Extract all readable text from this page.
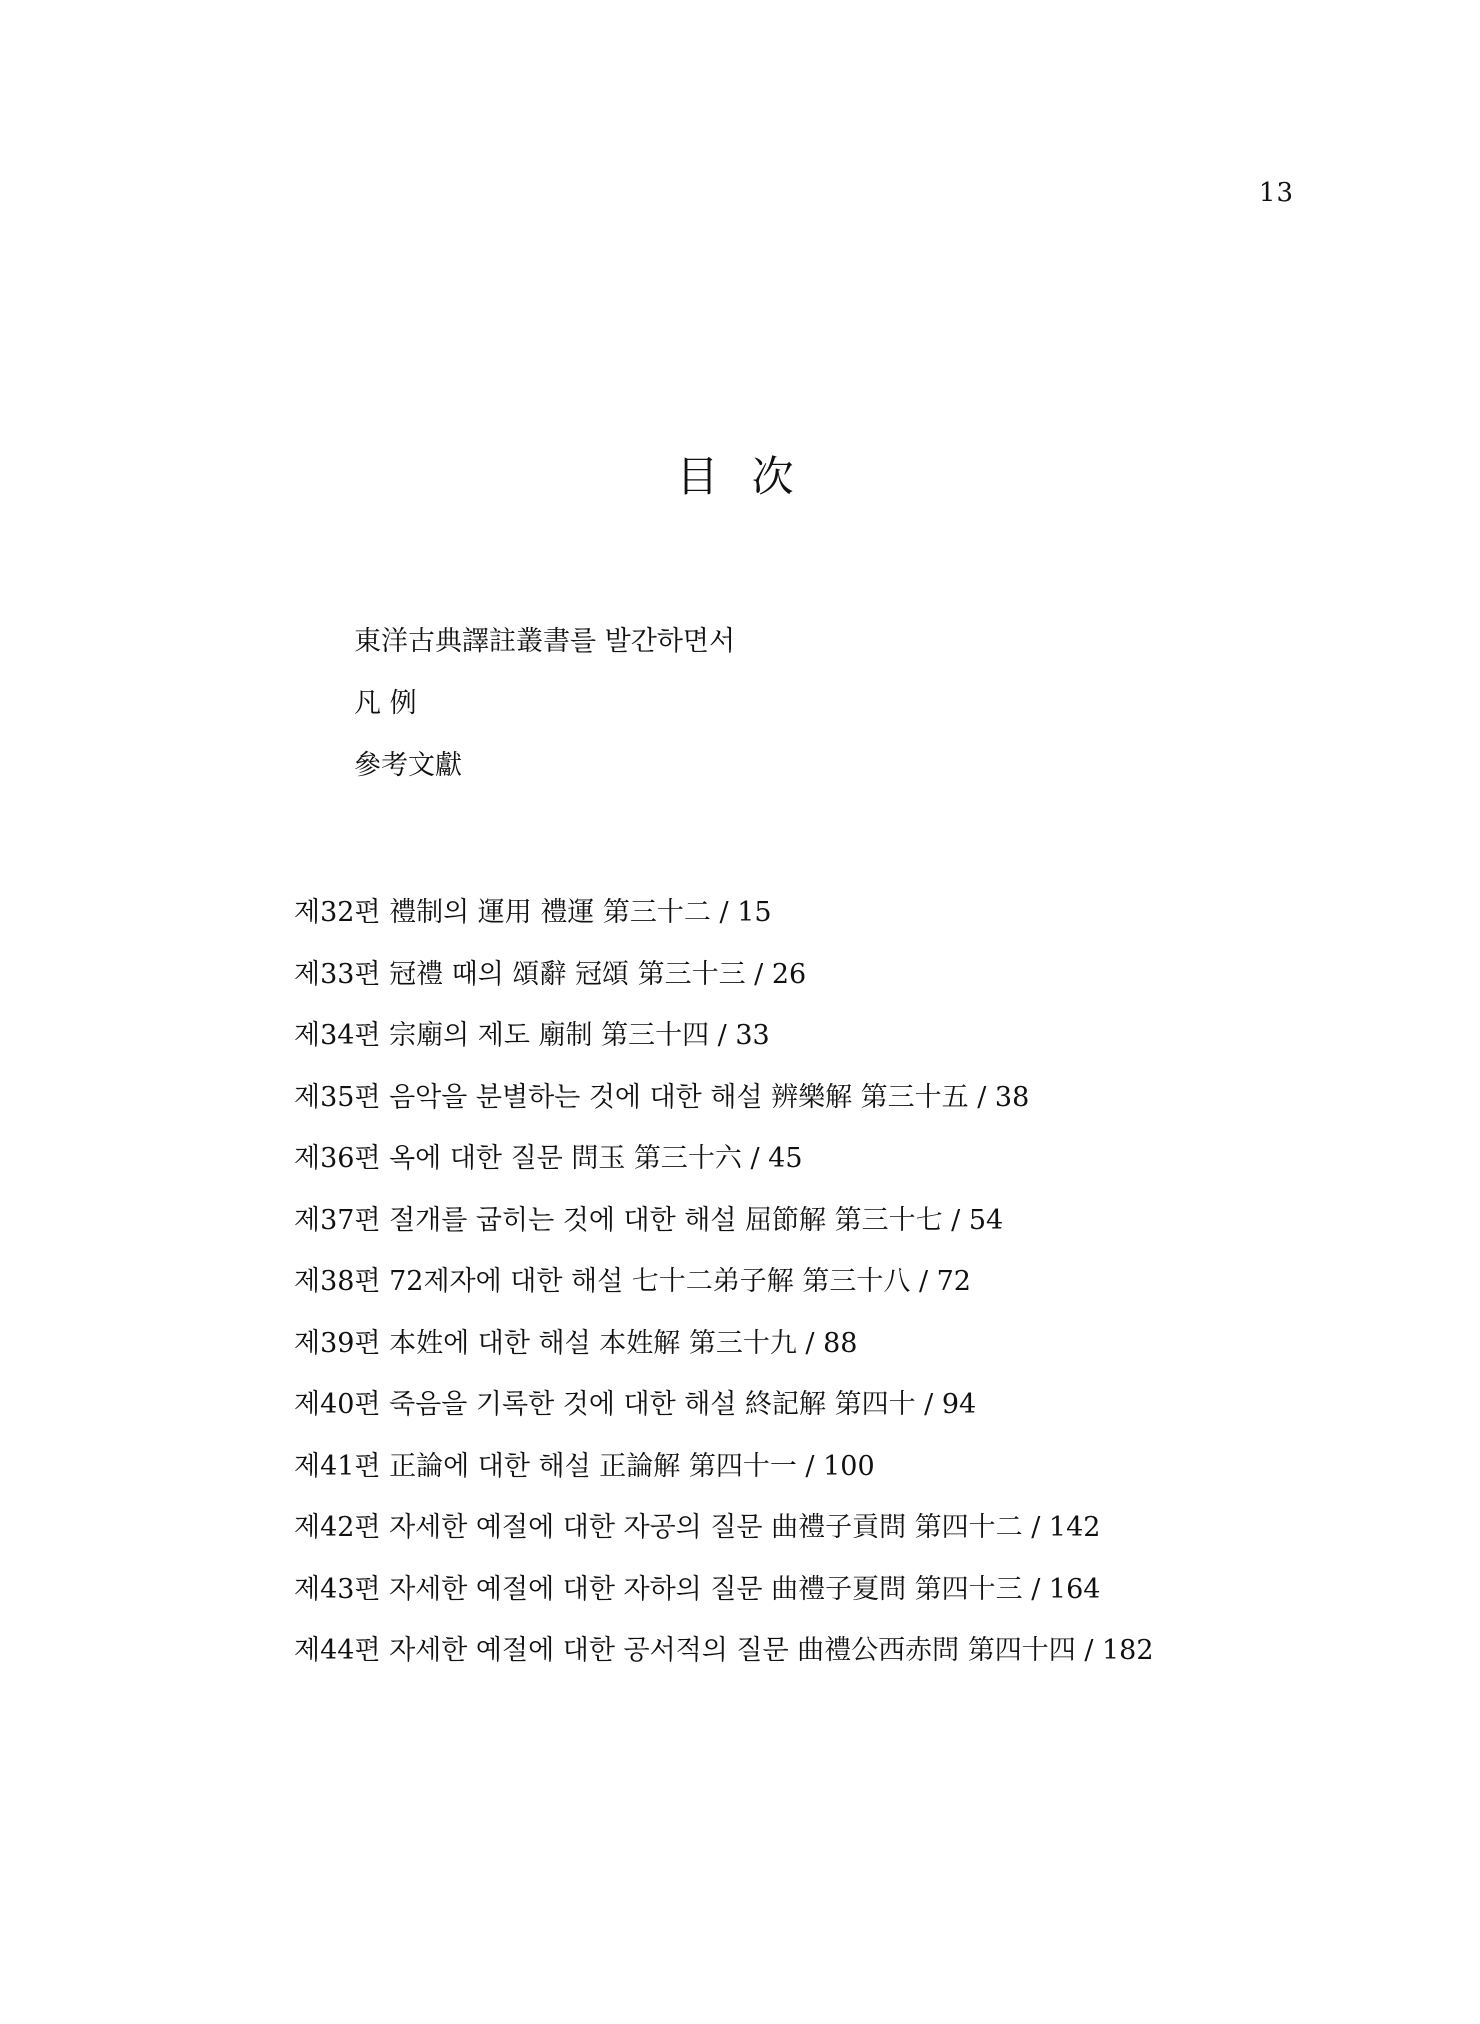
13
目 次
東洋古典譯註叢書를 발간하면서
凡 例
參考文獻
제32편 禮制의 運用 禮運 第三十二 / 15
제33편 冠禮 때의 頌辭 冠頌 第三十三 / 26
제34편 宗廟의 제도 廟制 第三十四 / 33
제35편 음악을 분별하는 것에 대한 해설 辨樂解 第三十五 / 38
제36편 옥에 대한 질문 問玉 第三十六 / 45
제37편 절개를 굽히는 것에 대한 해설 屈節解 第三十七 / 54
제38편 72제자에 대한 해설 七十二弟子解 第三十八 / 72
제39편 本姓에 대한 해설 本姓解 第三十九 / 88
제40편 죽음을 기록한 것에 대한 해설 終記解 第四十 / 94
제41편 正論에 대한 해설 正論解 第四十一 / 100
제42편 자세한 예절에 대한 자공의 질문 曲禮子貢問 第四十二 / 142
제43편 자세한 예절에 대한 자하의 질문 曲禮子夏問 第四十三 / 164
제44편 자세한 예절에 대한 공서적의 질문 曲禮公西赤問 第四十四 / 182
